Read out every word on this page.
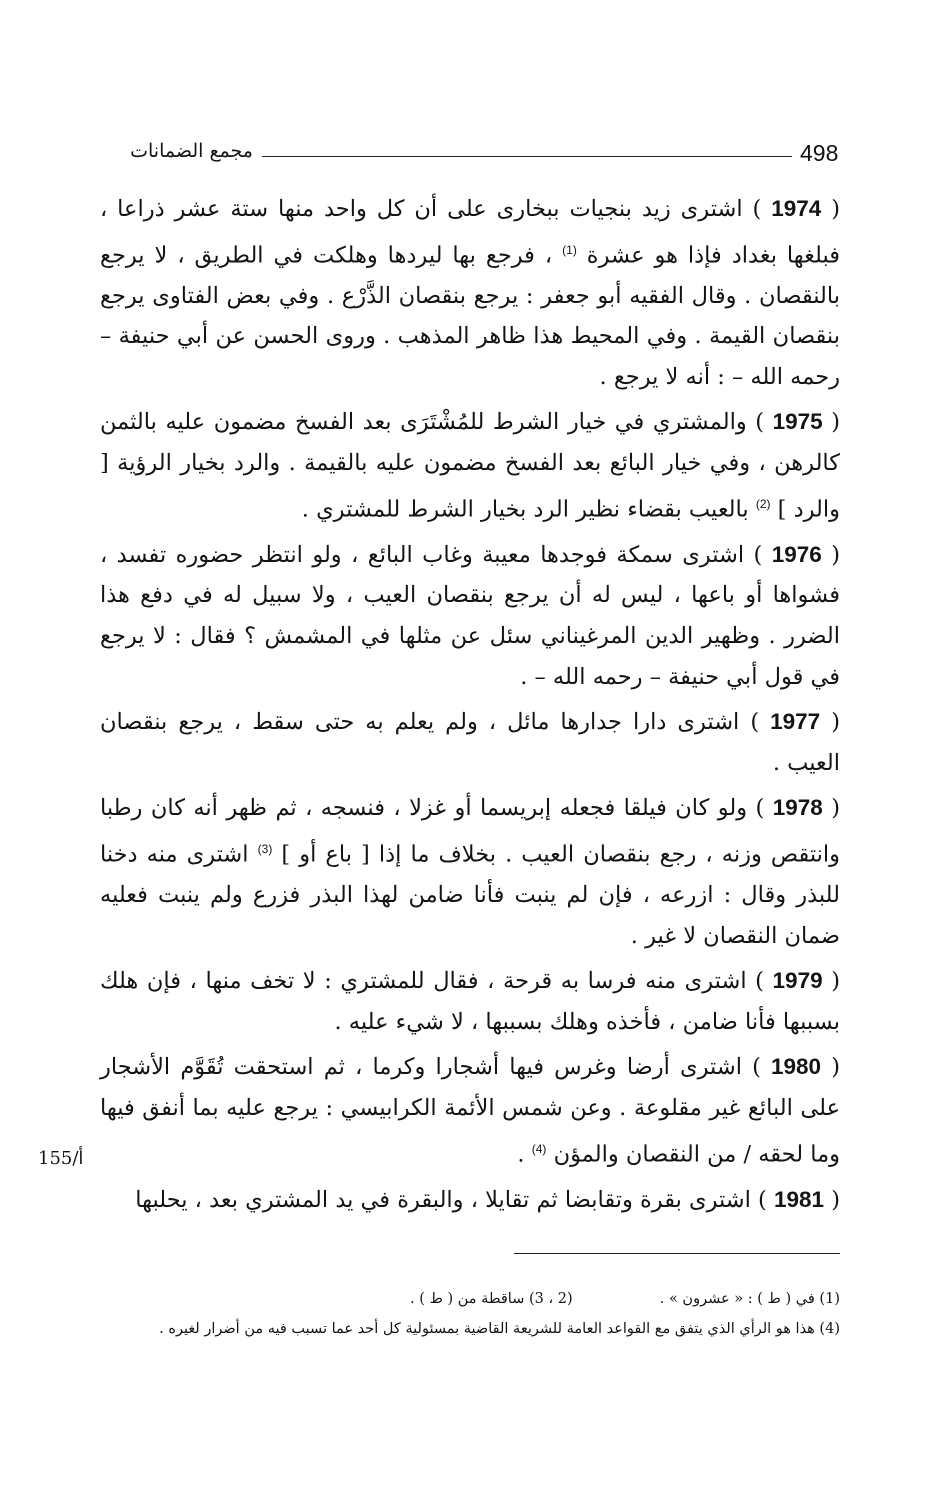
498
مجمع الضمانات

( 1974 ) اشترى زيد بنجيات ببخارى على أن كل واحد منها ستة عشر ذراعا ، فبلغها بغداد فإذا هو عشرة $^{(1)}$ ، فرجع بها ليردها وهلكت في الطريق ، لا يرجع بالنقصان . وقال الفقيه أبو جعفر : يرجع بنقصان الذَّرْع . وفي بعض الفتاوى يرجع بنقصان القيمة . وفي المحيط هذا ظاهر المذهب . وروى الحسن عن أبي حنيفة – رحمه الله – : أنه لا يرجع .

( 1975 ) والمشتري في خيار الشرط للمُشْتَرَى بعد الفسخ مضمون عليه بالثمن كالرهن ، وفي خيار البائع بعد الفسخ مضمون عليه بالقيمة . والرد بخيار الرؤية [ والرد ] $^{(2)}$ بالعيب بقضاء نظير الرد بخيار الشرط للمشتري .

( 1976 ) اشترى سمكة فوجدها معيبة وغاب البائع ، ولو انتظر حضوره تفسد ، فشواها أو باعها ، ليس له أن يرجع بنقصان العيب ، ولا سبيل له في دفع هذا الضرر . وظهير الدين المرغيناني سئل عن مثلها في المشمش ؟ فقال : لا يرجع في قول أبي حنيفة – رحمه الله – .

( 1977 ) اشترى دارا جدارها مائل ، ولم يعلم به حتى سقط ، يرجع بنقصان العيب .

( 1978 ) ولو كان فيلقا فجعله إبريسما أو غزلا ، فنسجه ، ثم ظهر أنه كان رطبا وانتقص وزنه ، رجع بنقصان العيب . بخلاف ما إذا [ باع أو ] $^{(3)}$ اشترى منه دخنا للبذر وقال : ازرعه ، فإن لم ينبت فأنا ضامن لهذا البذر فزرع ولم ينبت فعليه ضمان النقصان لا غير .

( 1979 ) اشترى منه فرسا به قرحة ، فقال للمشتري : لا تخف منها ، فإن هلك بسببها فأنا ضامن ، فأخذه وهلك بسببها ، لا شيء عليه .

( 1980 ) اشترى أرضا وغرس فيها أشجارا وكرما ، ثم استحقت تُقَوَّم الأشجار على البائع غير مقلوعة . وعن شمس الأئمة الكرابيسي : يرجع عليه بما أنفق فيها وما لحقه / من النقصان والمؤن $^{(4)}$ .

( 1981 ) اشترى بقرة وتقابضا ثم تقايلا ، والبقرة في يد المشتري بعد ، يحلبها

155/أ
(1) في ( ط ) : « عشرون » .
(2 ، 3) ساقطة من ( ط ) .
(4) هذا هو الرأي الذي يتفق مع القواعد العامة للشريعة القاضية بمسئولية كل أحد عما تسبب فيه من أضرار لغيره .
